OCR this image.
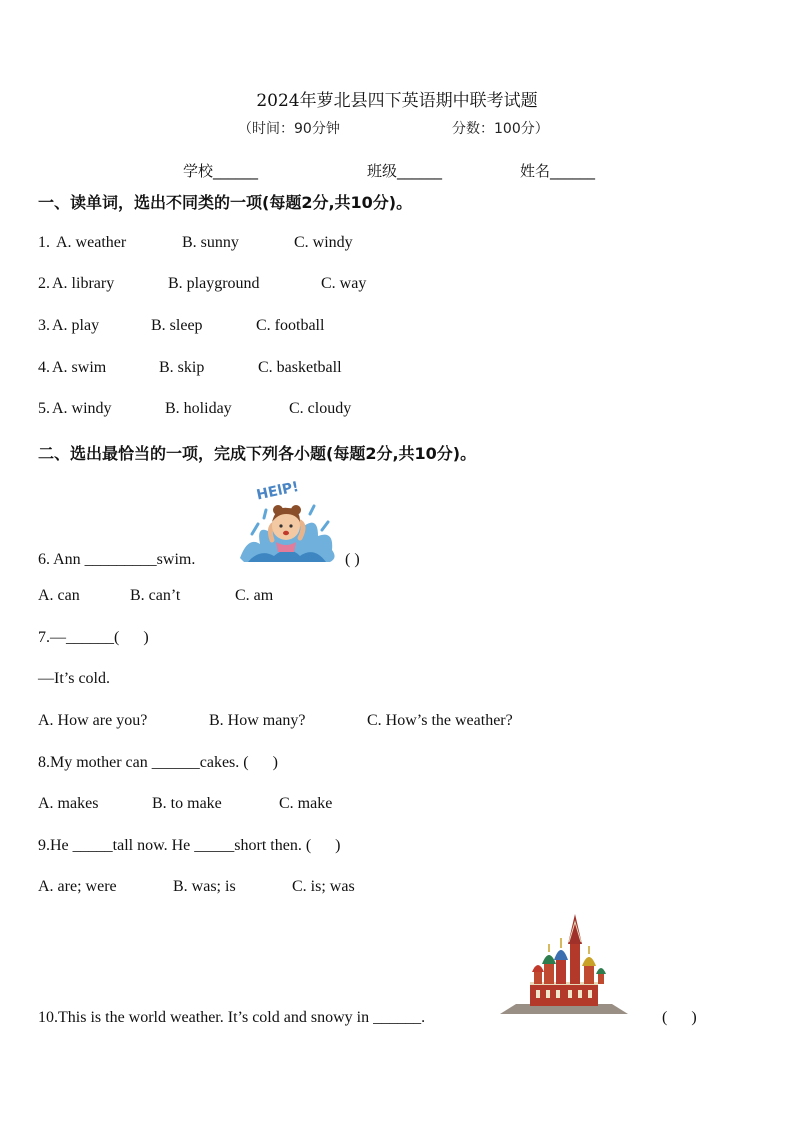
2024年萝北县四下英语期中联考试题
（时间：90分钟	分数：100分）
学校______	班级______	姓名______
一、读单词，选出不同类的一项(每题2分,共10分)。
1. A. weather	B. sunny	C. windy
2. A. library	B. playground	C. way
3. A. play	B. sleep	C. football
4. A. swim	B. skip	C. basketball
5. A. windy	B. holiday	C. cloudy
二、选出最恰当的一项，完成下列各小题(每题2分,共10分)。
HElP!
6. Ann _________swim.	( )
A. can	B. can’t	C. am
7.—______(      )
—It’s cold.
A. How are you?	B. How many?	C. How’s the weather?
8.My mother can ______cakes. (      )
A. makes	B. to make	C. make
9.He _____tall now. He _____short then. (      )
A. are; were	B. was; is	C. is; was
10.This is the world weather. It’s cold and snowy in ______.	(      )
